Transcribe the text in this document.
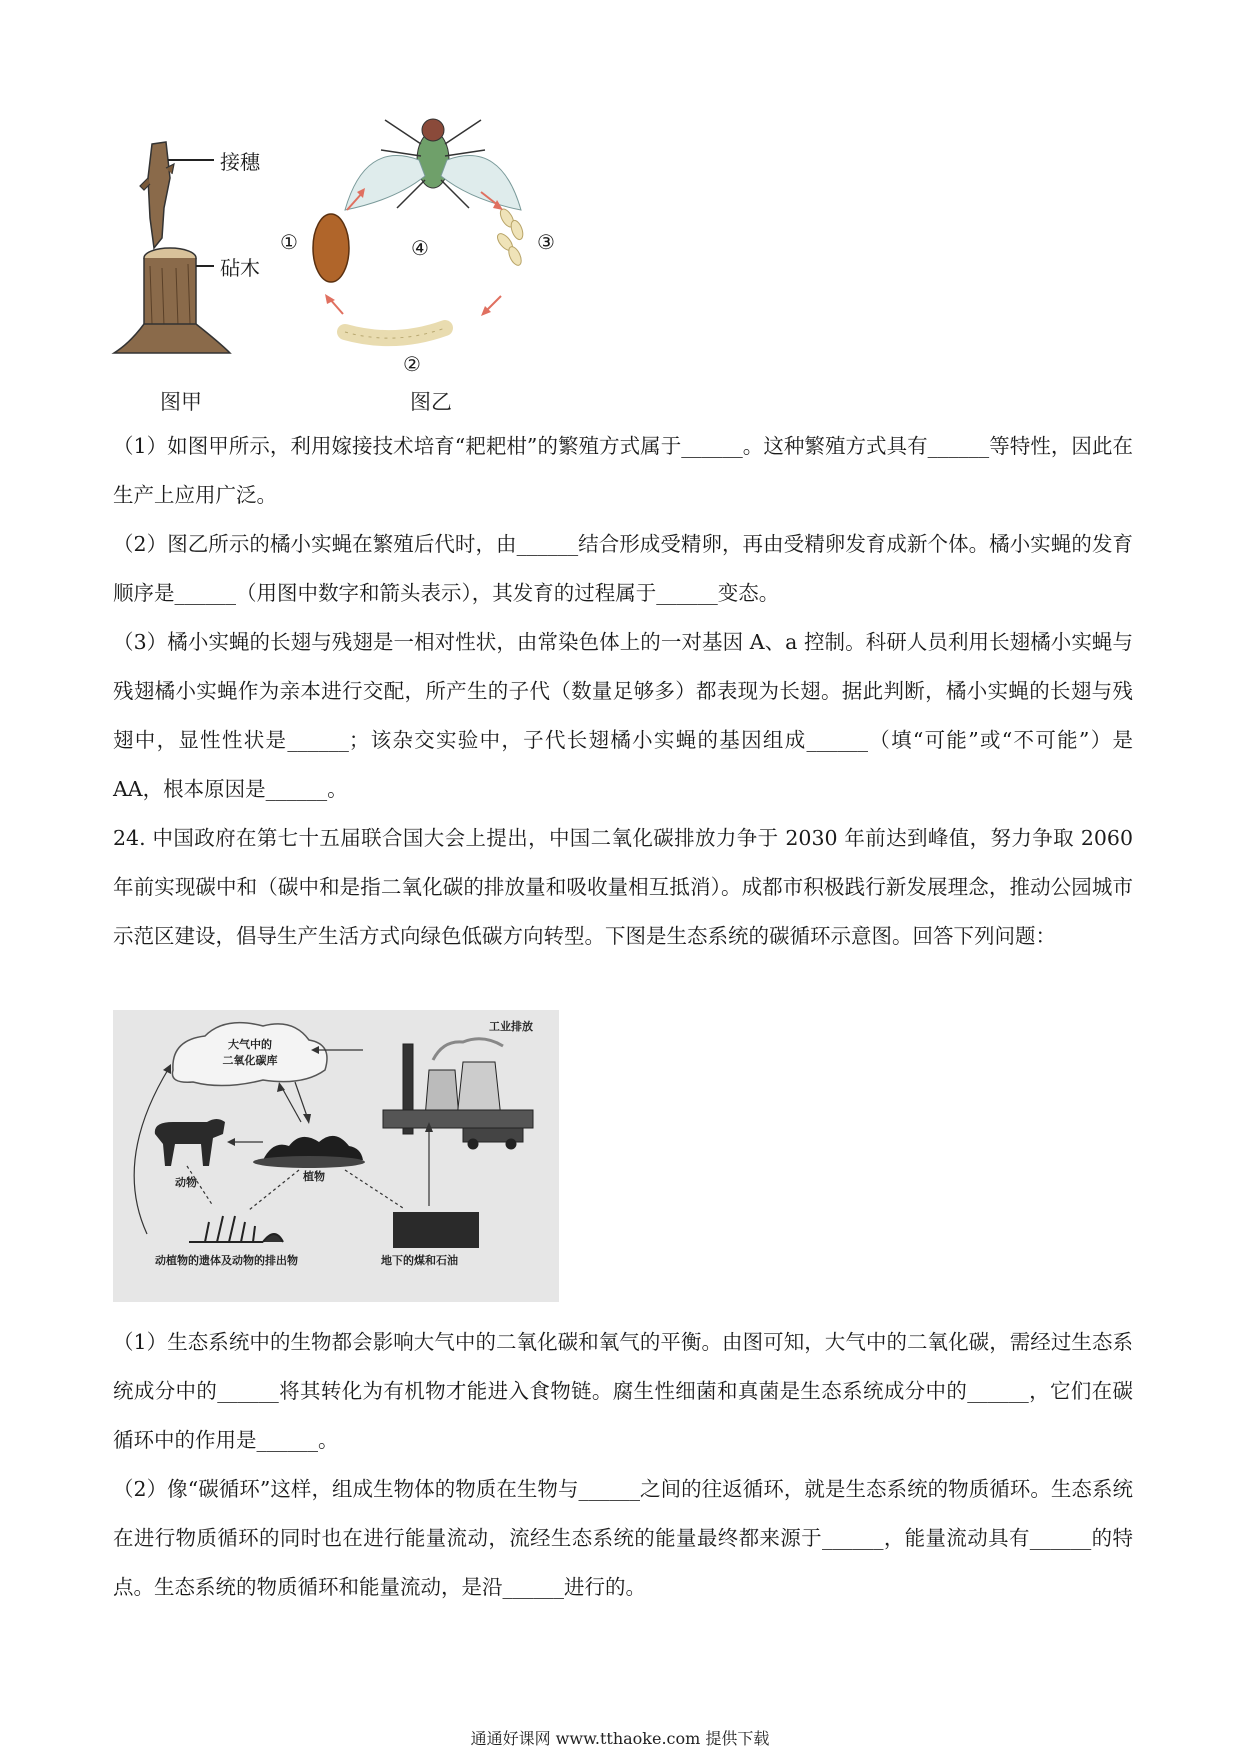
接穗
砧木
图甲
①
②
③
④
图乙

（1）如图甲所示，利用嫁接技术培育“耙耙柑”的繁殖方式属于______。这种繁殖方式具有______等特性，因此在生产上应用广泛。

（2）图乙所示的橘小实蝇在繁殖后代时，由______结合形成受精卵，再由受精卵发育成新个体。橘小实蝇的发育顺序是______（用图中数字和箭头表示），其发育的过程属于______变态。

（3）橘小实蝇的长翅与残翅是一相对性状，由常染色体上的一对基因 A、a 控制。科研人员利用长翅橘小实蝇与残翅橘小实蝇作为亲本进行交配，所产生的子代（数量足够多）都表现为长翅。据此判断，橘小实蝇的长翅与残翅中，显性性状是______；该杂交实验中，子代长翅橘小实蝇的基因组成______（填“可能”或“不可能”）是 AA，根本原因是______。

24. 中国政府在第七十五届联合国大会上提出，中国二氧化碳排放力争于 2030 年前达到峰值，努力争取 2060 年前实现碳中和（碳中和是指二氧化碳的排放量和吸收量相互抵消）。成都市积极践行新发展理念，推动公园城市示范区建设，倡导生产生活方式向绿色低碳方向转型。下图是生态系统的碳循环示意图。回答下列问题：

大气中的
二氧化碳库
工业排放
动物	植物
动植物的遗体及动物的排出物	地下的煤和石油

（1）生态系统中的生物都会影响大气中的二氧化碳和氧气的平衡。由图可知，大气中的二氧化碳，需经过生态系统成分中的______将其转化为有机物才能进入食物链。腐生性细菌和真菌是生态系统成分中的______，它们在碳循环中的作用是______。

（2）像“碳循环”这样，组成生物体的物质在生物与______之间的往返循环，就是生态系统的物质循环。生态系统在进行物质循环的同时也在进行能量流动，流经生态系统的能量最终都来源于______，能量流动具有______的特点。生态系统的物质循环和能量流动，是沿______进行的。

通通好课网 www.tthaoke.com 提供下载
